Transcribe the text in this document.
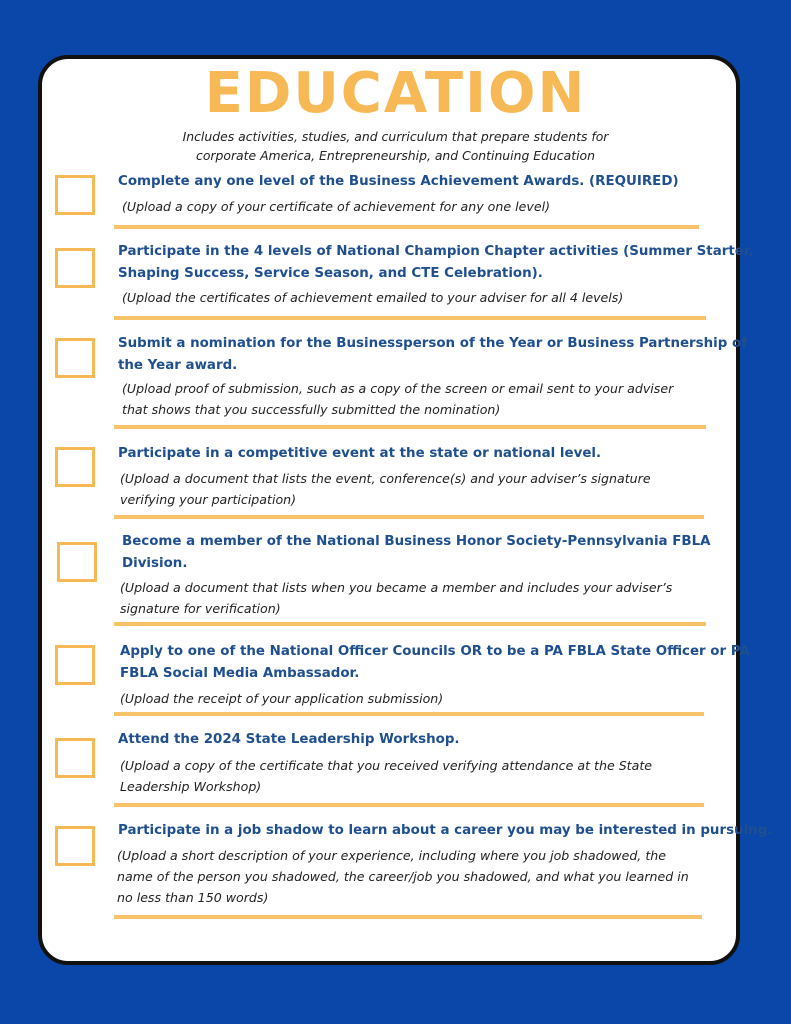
EDUCATION
Includes activities, studies, and curriculum that prepare students for
corporate America, Entrepreneurship, and Continuing Education

Complete any one level of the Business Achievement Awards. (REQUIRED)

(Upload a copy of your certificate of achievement for any one level)

Participate in the 4 levels of National Champion Chapter activities (Summer Starter,
Shaping Success, Service Season, and CTE Celebration).

(Upload the certificates of achievement emailed to your adviser for all 4 levels)

Submit a nomination for the Businessperson of the Year or Business Partnership of
the Year award.

(Upload proof of submission, such as a copy of the screen or email sent to your adviser
that shows that you successfully submitted the nomination)

Participate in a competitive event at the state or national level.

(Upload a document that lists the event, conference(s) and your adviser’s signature
verifying your participation)

Become a member of the National Business Honor Society-Pennsylvania FBLA
Division.

(Upload a document that lists when you became a member and includes your adviser’s
signature for verification)

Apply to one of the National Officer Councils OR to be a PA FBLA State Officer or PA
FBLA Social Media Ambassador.

(Upload the receipt of your application submission)

Attend the 2024 State Leadership Workshop.

(Upload a copy of the certificate that you received verifying attendance at the State
Leadership Workshop)

Participate in a job shadow to learn about a career you may be interested in pursuing.

(Upload a short description of your experience, including where you job shadowed, the
name of the person you shadowed, the career/job you shadowed, and what you learned in
no less than 150 words)
